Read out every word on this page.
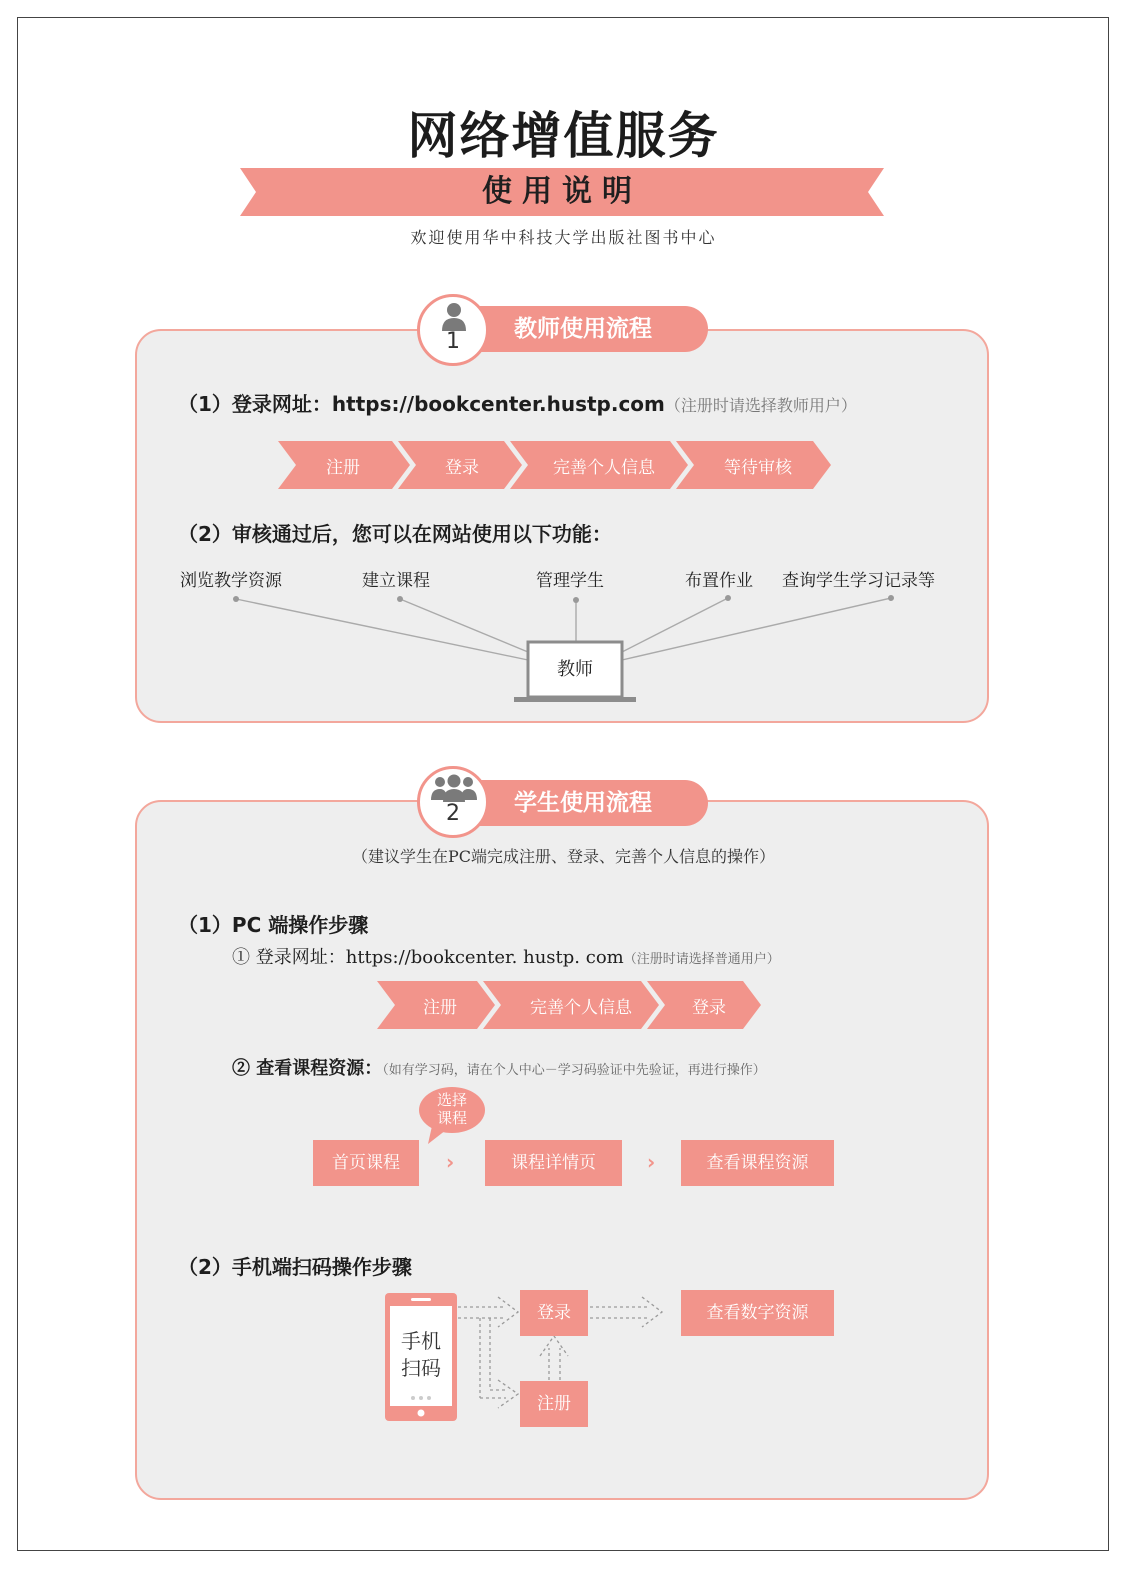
网络增值服务
使用说明
欢迎使用华中科技大学出版社图书中心
教师使用流程
1
（1）登录网址：https://bookcenter.hustp.com（注册时请选择教师用户）
注册	登录	完善个人信息	等待审核
（2）审核通过后，您可以在网站使用以下功能：
浏览教学资源	建立课程	管理学生	布置作业 查询学生学习记录等
教师
学生使用流程
2
（建议学生在PC端完成注册、登录、完善个人信息的操作）
（1）PC 端操作步骤
① 登录网址：https://bookcenter. hustp. com（注册时请选择普通用户）
注册	完善个人信息	登录
② 查看课程资源：（如有学习码，请在个人中心－学习码验证中先验证，再进行操作）
选择
课程
首页课程	›	课程详情页	›	查看课程资源
（2）手机端扫码操作步骤
手机
扫码
登录
注册
查看数字资源
